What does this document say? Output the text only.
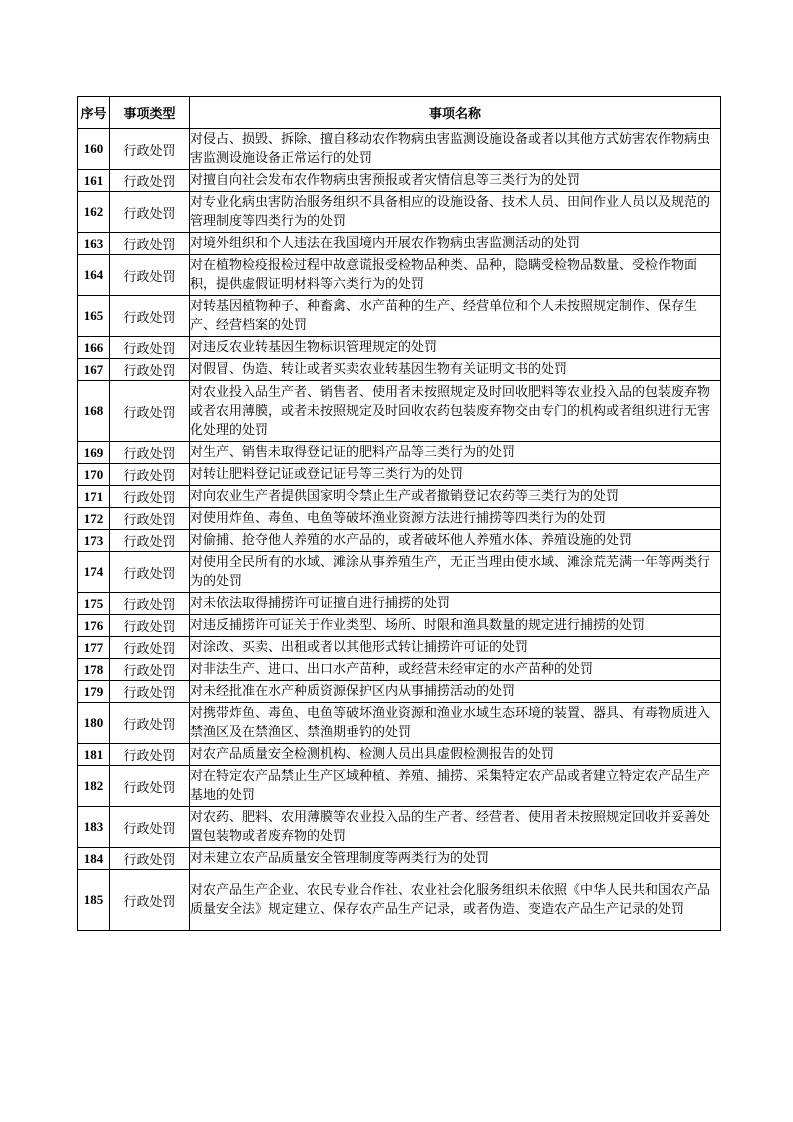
序号	事项类型	事项名称
160	行政处罚	对侵占、损毁、拆除、擅自移动农作物病虫害监测设施设备或者以其他方式妨害农作物病虫害监测设施设备正常运行的处罚
161	行政处罚	对擅自向社会发布农作物病虫害预报或者灾情信息等三类行为的处罚
162	行政处罚	对专业化病虫害防治服务组织不具备相应的设施设备、技术人员、田间作业人员以及规范的管理制度等四类行为的处罚
163	行政处罚	对境外组织和个人违法在我国境内开展农作物病虫害监测活动的处罚
164	行政处罚	对在植物检疫报检过程中故意谎报受检物品种类、品种，隐瞒受检物品数量、受检作物面积，提供虚假证明材料等六类行为的处罚
165	行政处罚	对转基因植物种子、种畜禽、水产苗种的生产、经营单位和个人未按照规定制作、保存生产、经营档案的处罚
166	行政处罚	对违反农业转基因生物标识管理规定的处罚
167	行政处罚	对假冒、伪造、转让或者买卖农业转基因生物有关证明文书的处罚
168	行政处罚	对农业投入品生产者、销售者、使用者未按照规定及时回收肥料等农业投入品的包装废弃物或者农用薄膜，或者未按照规定及时回收农药包装废弃物交由专门的机构或者组织进行无害化处理的处罚
169	行政处罚	对生产、销售未取得登记证的肥料产品等三类行为的处罚
170	行政处罚	对转让肥料登记证或登记证号等三类行为的处罚
171	行政处罚	对向农业生产者提供国家明令禁止生产或者撤销登记农药等三类行为的处罚
172	行政处罚	对使用炸鱼、毒鱼、电鱼等破坏渔业资源方法进行捕捞等四类行为的处罚
173	行政处罚	对偷捕、抢夺他人养殖的水产品的，或者破坏他人养殖水体、养殖设施的处罚
174	行政处罚	对使用全民所有的水域、滩涂从事养殖生产，无正当理由使水域、滩涂荒芜满一年等两类行为的处罚
175	行政处罚	对未依法取得捕捞许可证擅自进行捕捞的处罚
176	行政处罚	对违反捕捞许可证关于作业类型、场所、时限和渔具数量的规定进行捕捞的处罚
177	行政处罚	对涂改、买卖、出租或者以其他形式转让捕捞许可证的处罚
178	行政处罚	对非法生产、进口、出口水产苗种，或经营未经审定的水产苗种的处罚
179	行政处罚	对未经批准在水产种质资源保护区内从事捕捞活动的处罚
180	行政处罚	对携带炸鱼、毒鱼、电鱼等破坏渔业资源和渔业水域生态环境的装置、器具、有毒物质进入禁渔区及在禁渔区、禁渔期垂钓的处罚
181	行政处罚	对农产品质量安全检测机构、检测人员出具虚假检测报告的处罚
182	行政处罚	对在特定农产品禁止生产区域种植、养殖、捕捞、采集特定农产品或者建立特定农产品生产基地的处罚
183	行政处罚	对农药、肥料、农用薄膜等农业投入品的生产者、经营者、使用者未按照规定回收并妥善处置包装物或者废弃物的处罚
184	行政处罚	对未建立农产品质量安全管理制度等两类行为的处罚
185	行政处罚	对农产品生产企业、农民专业合作社、农业社会化服务组织未依照《中华人民共和国农产品质量安全法》规定建立、保存农产品生产记录，或者伪造、变造农产品生产记录的处罚
